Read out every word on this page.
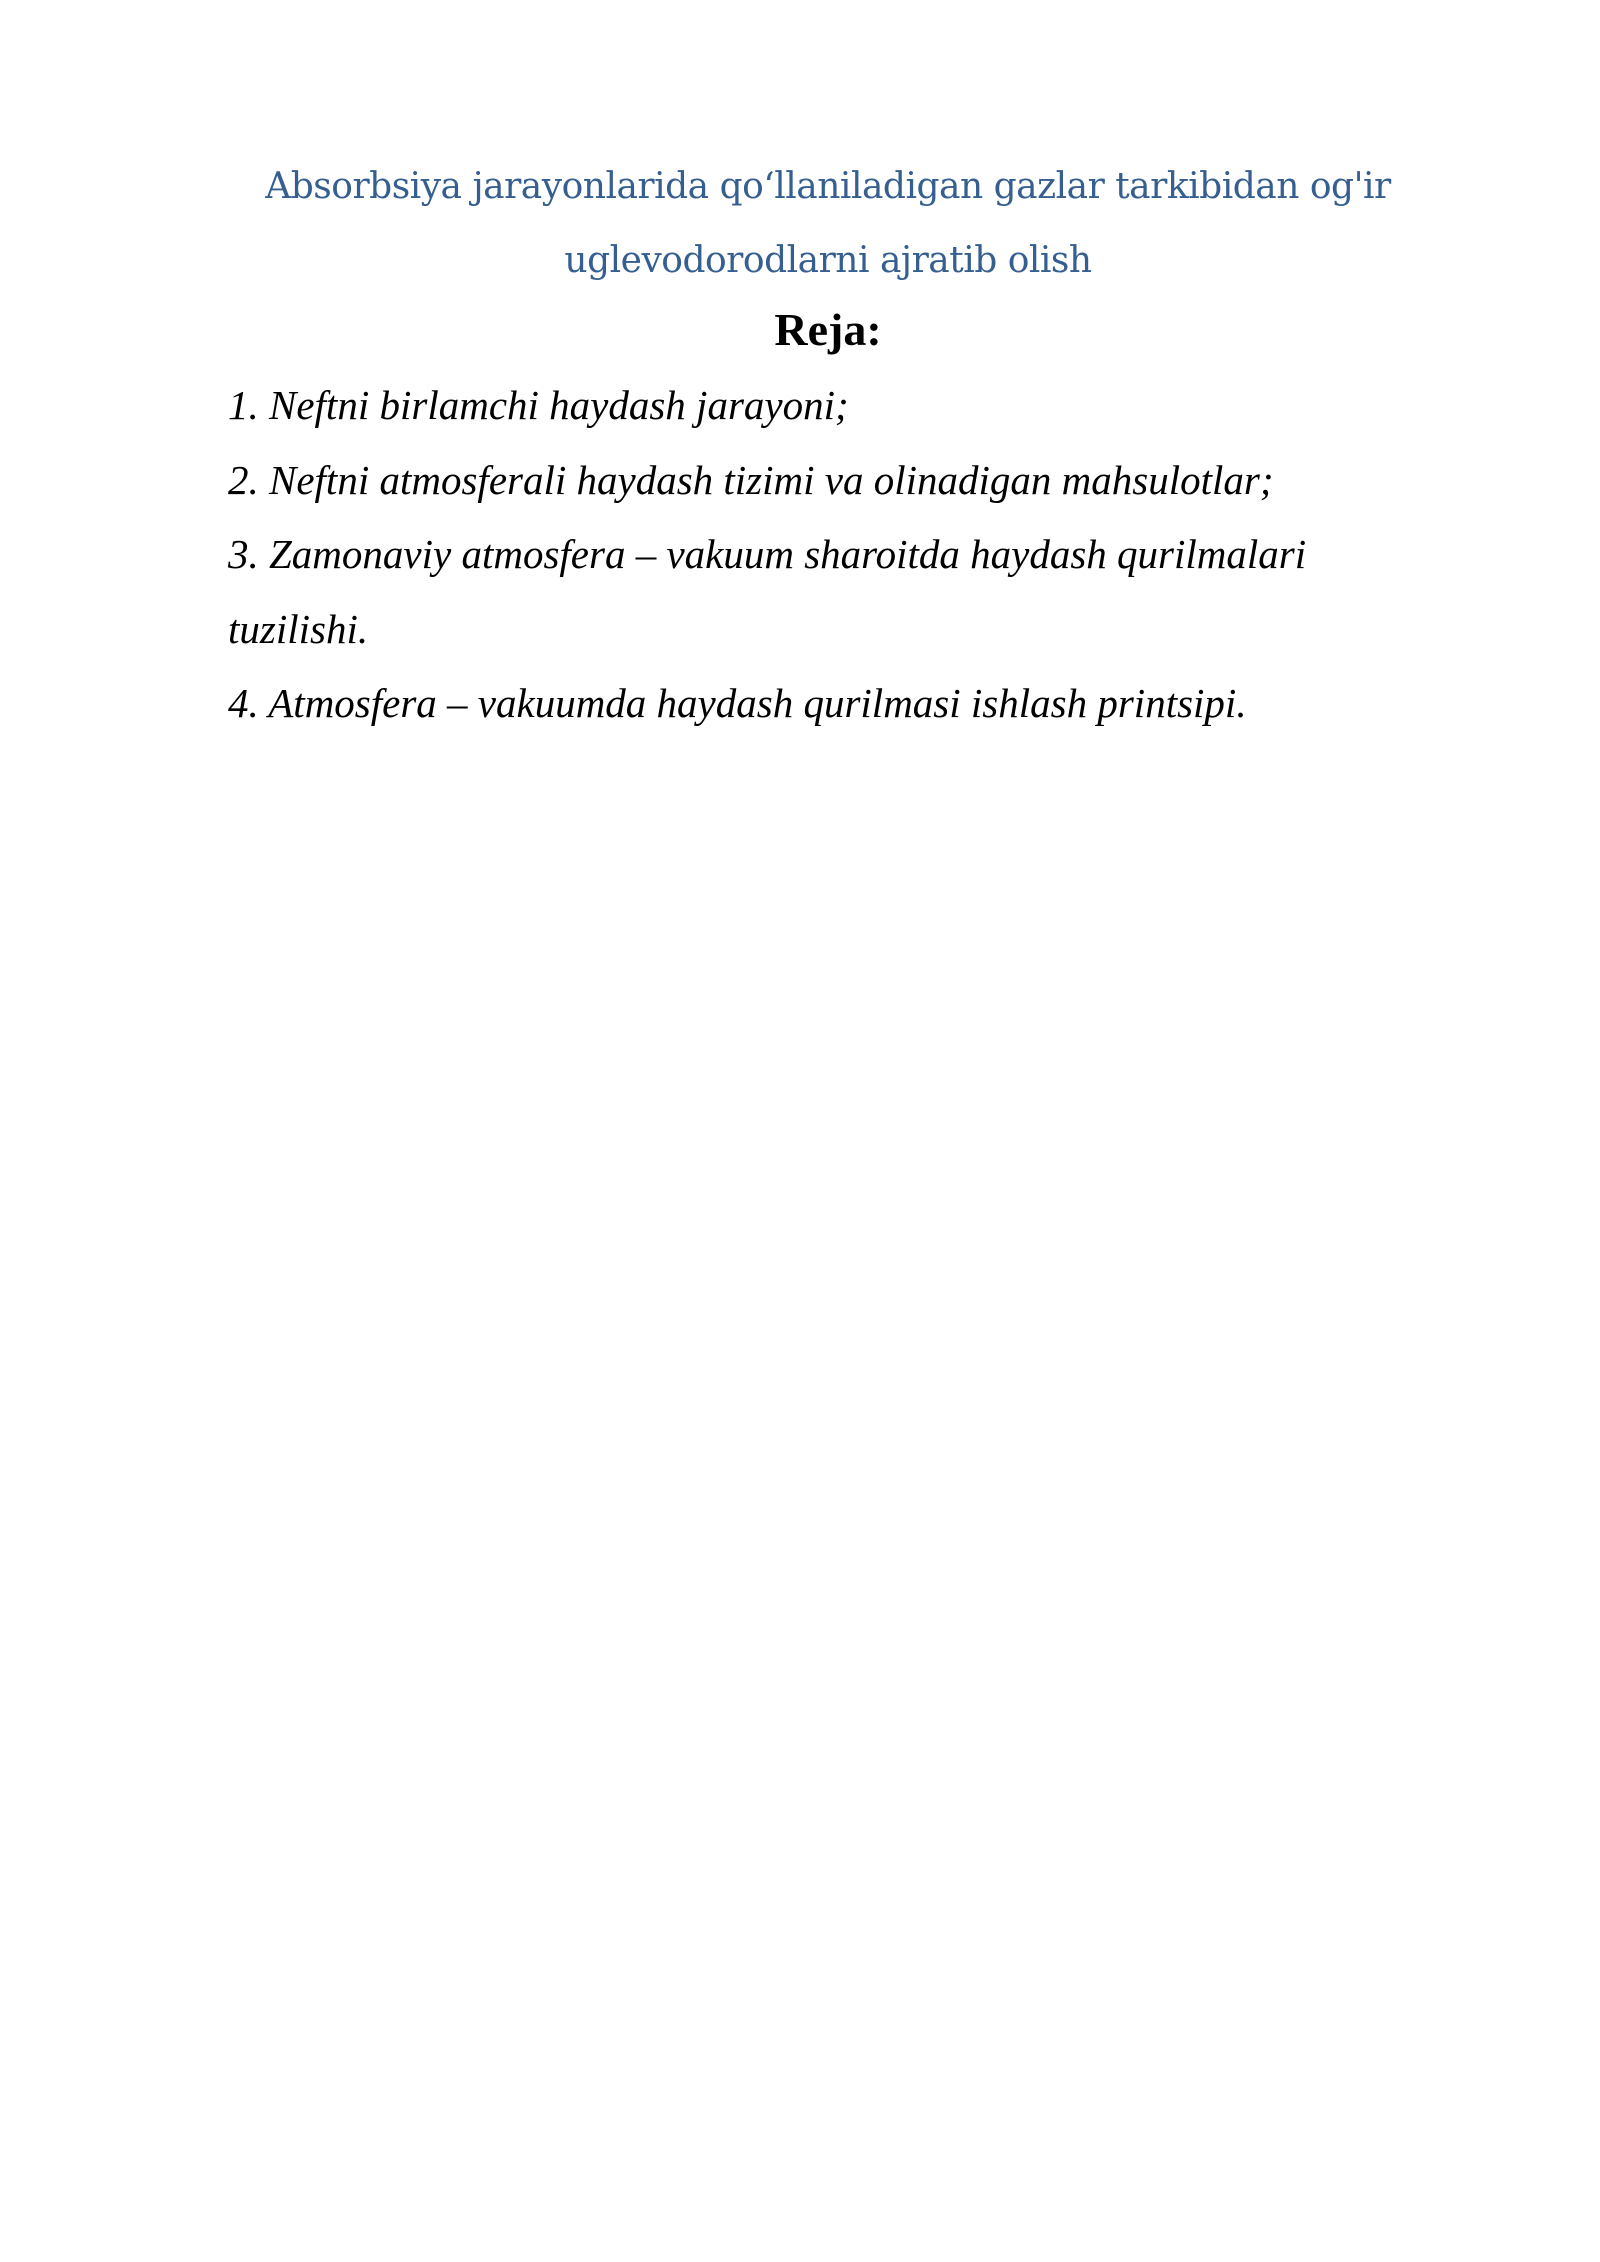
Absorbsiya jarayonlarida qo‘llaniladigan gazlar tarkibidan og'ir uglevodorodlarni ajratib olish
Reja:
1. Neftni birlamchi haydash jarayoni;
2. Neftni atmosferali haydash tizimi va olinadigan mahsulotlar;
3. Zamonaviy atmosfera – vakuum sharoitda haydash qurilmalari tuzilishi.
4. Atmosfera – vakuumda haydash qurilmasi ishlash printsipi.
